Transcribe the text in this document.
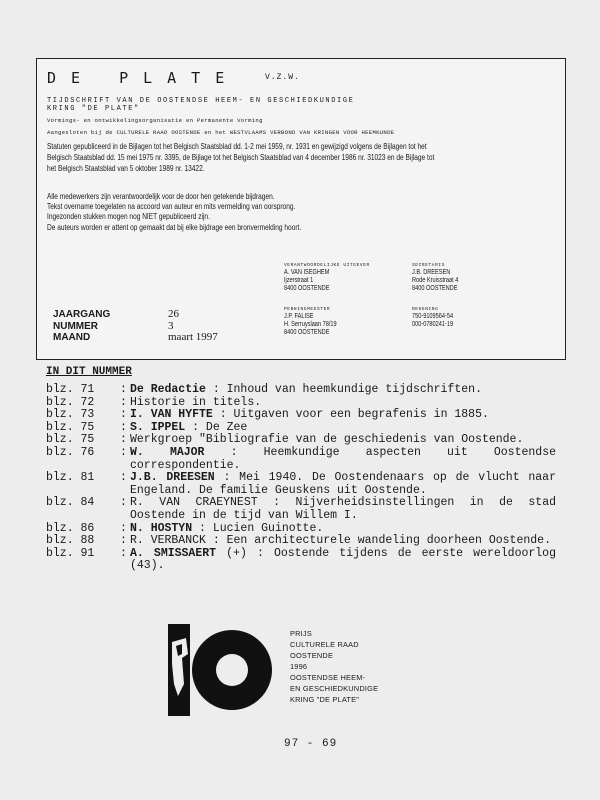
DE PLATE	V.Z.W.
TIJDSCHRIFT VAN DE OOSTENDSE HEEM- EN GESCHIEDKUNDIGE
KRING "DE PLATE"
Vormings- en ontwikkelingsorganisatie en Permanente Vorming
Aangesloten bij de CULTURELE RAAD OOSTENDE en het WESTVLAAMS VERBOND VAN KRINGEN VOOR HEEMKUNDE
Statuten gepubliceerd in de Bijlagen tot het Belgisch Staatsblad dd. 1-2 mei 1959, nr. 1931 en gewijzigd volgens de Bijlagen tot het
Belgisch Staatsblad dd. 15 mei 1975 nr. 3395, de Bijlage tot het Belgisch Staatsblad van 4 december 1986 nr. 31023 en de Bijlage tot
het Belgisch Staatsblad van 5 oktober 1989 nr. 13422.
Alle medewerkers zijn verantwoordelijk voor de door hen getekende bijdragen.
Tekst overname toegelaten na accoord van auteur en mits vermelding van oorsprong.
Ingezonden stukken mogen nog NIET gepubliceerd zijn.
De auteurs worden er attent op gemaakt dat bij elke bijdrage een bronvermelding hoort.
VERANTWOORDELIJKE UITGEVER
A. VAN ISEGHEM
Ijzerstraat 1
8400 OOSTENDE
SECRETARIS
J.B. DREESEN
Rode Kruisstraat 4
8400 OOSTENDE
PENNINGMEESTER
J.P. FALISE
H. Serruyslaan 78/19
8400 OOSTENDE
REKENING
750-9109564-54
000-0780241-19
JAARGANG	26
NUMMER	3
MAAND	maart 1997
IN DIT NUMMER
blz. 71	: De Redactie : Inhoud van heemkundige tijdschriften.
blz. 72	: Historie in titels.
blz. 73	: I. VAN HYFTE : Uitgaven voor een begrafenis in 1885.
blz. 75	: S. IPPEL : De Zee
blz. 75	: Werkgroep "Bibliografie van de geschiedenis van Oostende.
blz. 76	: W. MAJOR : Heemkundige aspecten uit Oostendse correspondentie.
blz. 81	: J.B. DREESEN : Mei 1940. De Oostendenaars op de vlucht naar Engeland. De familie Geuskens uit Oostende.
blz. 84	: R. VAN CRAEYNEST : Nijverheidsinstellingen in de stad Oostende in de tijd van Willem I.
blz. 86	: N. HOSTYN : Lucien Guinotte.
blz. 88	: R. VERBANCK : Een architecturele wandeling doorheen Oostende.
blz. 91	: A. SMISSAERT (+) : Oostende tijdens de eerste wereldoorlog (43).
PRIJS
CULTURELE RAAD
OOSTENDE
1996
OOSTENDSE HEEM-
EN GESCHIEDKUNDIGE
KRING "DE PLATE"
97 - 69
